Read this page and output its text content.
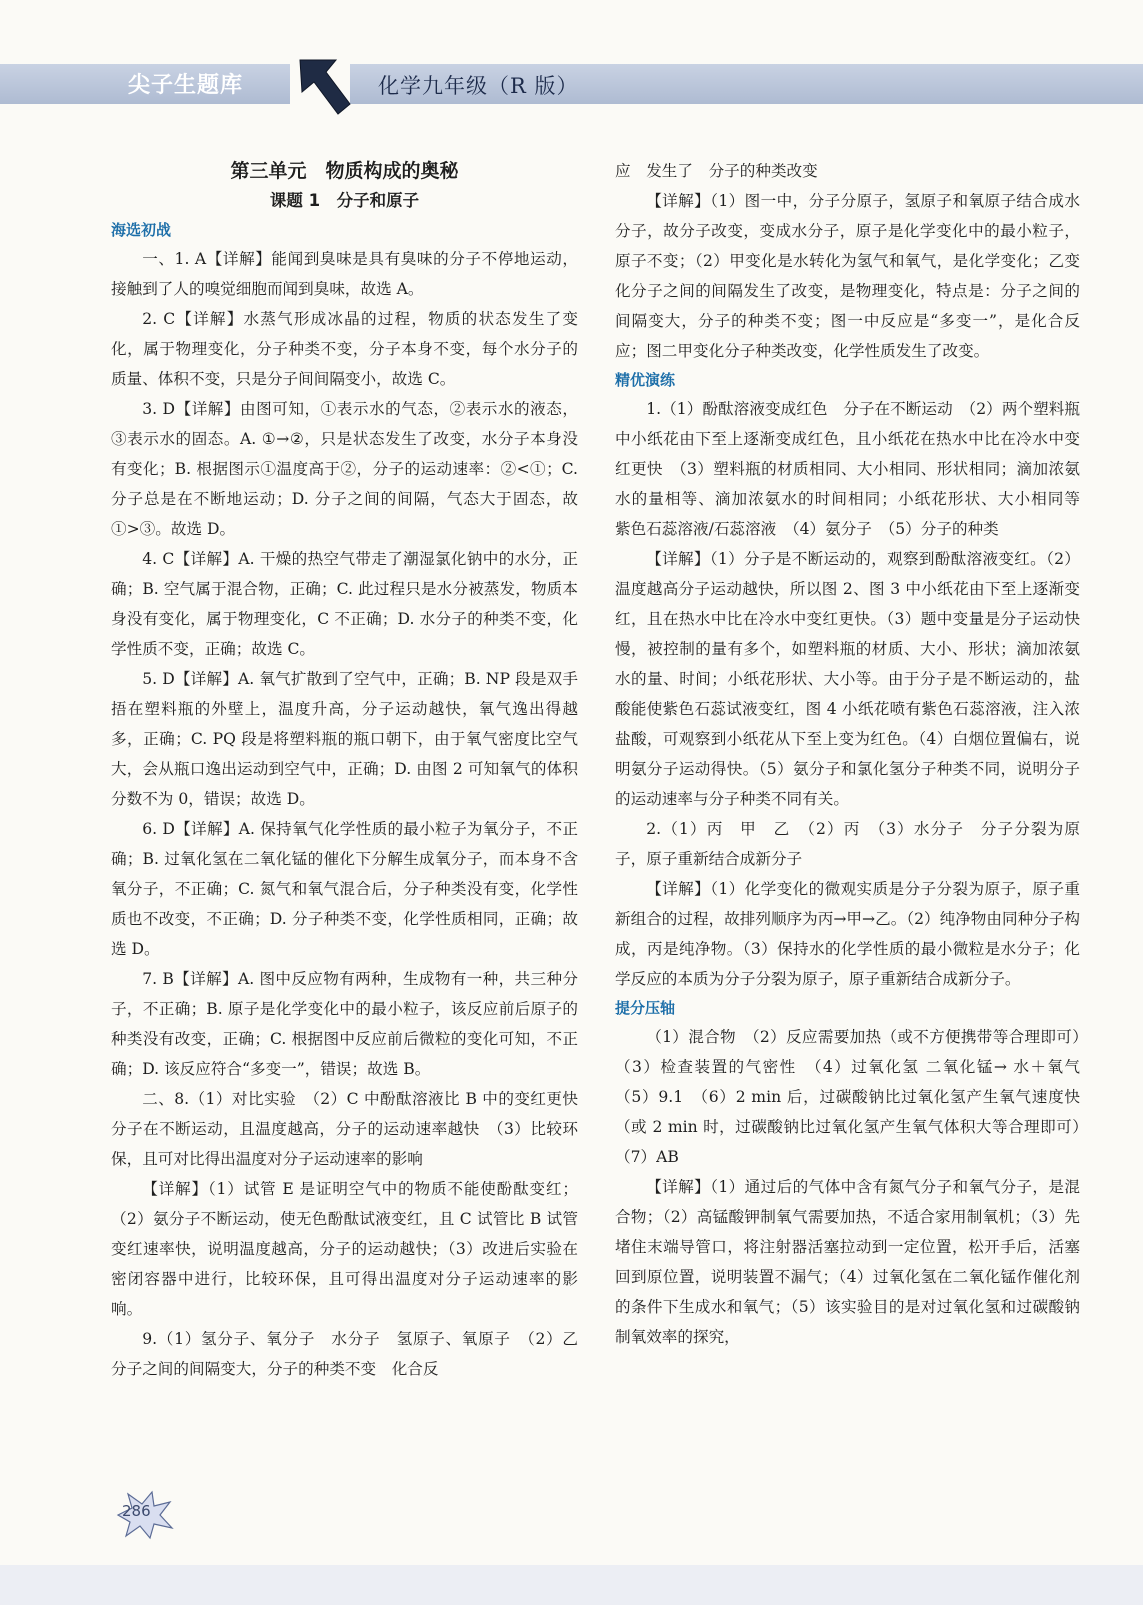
尖子生题库	化学九年级（R 版）
第三单元　物质构成的奥秘
课题 1　分子和原子
海选初战
一、1. A【详解】能闻到臭味是具有臭味的分子不停地运动，接触到了人的嗅觉细胞而闻到臭味，故选 A。
2. C【详解】水蒸气形成冰晶的过程，物质的状态发生了变化，属于物理变化，分子种类不变，分子本身不变，每个水分子的质量、体积不变，只是分子间间隔变小，故选 C。
3. D【详解】由图可知，①表示水的气态，②表示水的液态，③表示水的固态。A. ①→②，只是状态发生了改变，水分子本身没有变化；B. 根据图示①温度高于②，分子的运动速率：②<①；C. 分子总是在不断地运动；D. 分子之间的间隔，气态大于固态，故①>③。故选 D。
4. C【详解】A. 干燥的热空气带走了潮湿氯化钠中的水分，正确；B. 空气属于混合物，正确；C. 此过程只是水分被蒸发，物质本身没有变化，属于物理变化，C 不正确；D. 水分子的种类不变，化学性质不变，正确；故选 C。
5. D【详解】A. 氧气扩散到了空气中，正确；B. NP 段是双手捂在塑料瓶的外壁上，温度升高，分子运动越快，氧气逸出得越多，正确；C. PQ 段是将塑料瓶的瓶口朝下，由于氧气密度比空气大，会从瓶口逸出运动到空气中，正确；D. 由图 2 可知氧气的体积分数不为 0，错误；故选 D。
6. D【详解】A. 保持氧气化学性质的最小粒子为氧分子，不正确；B. 过氧化氢在二氧化锰的催化下分解生成氧分子，而本身不含氧分子，不正确；C. 氮气和氧气混合后，分子种类没有变，化学性质也不改变，不正确；D. 分子种类不变，化学性质相同，正确；故选 D。
7. B【详解】A. 图中反应物有两种，生成物有一种，共三种分子，不正确；B. 原子是化学变化中的最小粒子，该反应前后原子的种类没有改变，正确；C. 根据图中反应前后微粒的变化可知，不正确；D. 该反应符合“多变一”，错误；故选 B。
二、8.（1）对比实验　（2）C 中酚酞溶液比 B 中的变红更快　分子在不断运动，且温度越高，分子的运动速率越快　（3）比较环保，且可对比得出温度对分子运动速率的影响
【详解】（1）试管 E 是证明空气中的物质不能使酚酞变红；（2）氨分子不断运动，使无色酚酞试液变红，且 C 试管比 B 试管变红速率快，说明温度越高，分子的运动越快；（3）改进后实验在密闭容器中进行，比较环保，且可得出温度对分子运动速率的影响。
9.（1）氢分子、氧分子　水分子　氢原子、氧原子　（2）乙　分子之间的间隔变大，分子的种类不变　化合反
应　发生了　分子的种类改变
【详解】（1）图一中，分子分原子，氢原子和氧原子结合成水分子，故分子改变，变成水分子，原子是化学变化中的最小粒子，原子不变；（2）甲变化是水转化为氢气和氧气，是化学变化；乙变化分子之间的间隔发生了改变，是物理变化，特点是：分子之间的间隔变大，分子的种类不变；图一中反应是“多变一”，是化合反应；图二甲变化分子种类改变，化学性质发生了改变。
精优演练
1.（1）酚酞溶液变成红色　分子在不断运动　（2）两个塑料瓶中小纸花由下至上逐渐变成红色，且小纸花在热水中比在冷水中变红更快　（3）塑料瓶的材质相同、大小相同、形状相同；滴加浓氨水的量相等、滴加浓氨水的时间相同；小纸花形状、大小相同等　紫色石蕊溶液/石蕊溶液　（4）氨分子　（5）分子的种类
【详解】（1）分子是不断运动的，观察到酚酞溶液变红。（2）温度越高分子运动越快，所以图 2、图 3 中小纸花由下至上逐渐变红，且在热水中比在冷水中变红更快。（3）题中变量是分子运动快慢，被控制的量有多个，如塑料瓶的材质、大小、形状；滴加浓氨水的量、时间；小纸花形状、大小等。由于分子是不断运动的，盐酸能使紫色石蕊试液变红，图 4 小纸花喷有紫色石蕊溶液，注入浓盐酸，可观察到小纸花从下至上变为红色。（4）白烟位置偏右，说明氨分子运动得快。（5）氨分子和氯化氢分子种类不同，说明分子的运动速率与分子种类不同有关。
2.（1）丙　甲　乙　（2）丙　（3）水分子　分子分裂为原子，原子重新结合成新分子
【详解】（1）化学变化的微观实质是分子分裂为原子，原子重新组合的过程，故排列顺序为丙→甲→乙。（2）纯净物由同种分子构成，丙是纯净物。（3）保持水的化学性质的最小微粒是水分子；化学反应的本质为分子分裂为原子，原子重新结合成新分子。
提分压轴
（1）混合物　（2）反应需要加热（或不方便携带等合理即可）　（3）检查装置的气密性　（4）过氧化氢 二氧化锰→ 水＋氧气　（5）9.1　（6）2 min 后，过碳酸钠比过氧化氢产生氧气速度快（或 2 min 时，过碳酸钠比过氧化氢产生氧气体积大等合理即可）　（7）AB
【详解】（1）通过后的气体中含有氮气分子和氧气分子，是混合物；（2）高锰酸钾制氧气需要加热，不适合家用制氧机；（3）先堵住末端导管口，将注射器活塞拉动到一定位置，松开手后，活塞回到原位置，说明装置不漏气；（4）过氧化氢在二氧化锰作催化剂的条件下生成水和氧气；（5）该实验目的是对过氧化氢和过碳酸钠制氧效率的探究，
286
